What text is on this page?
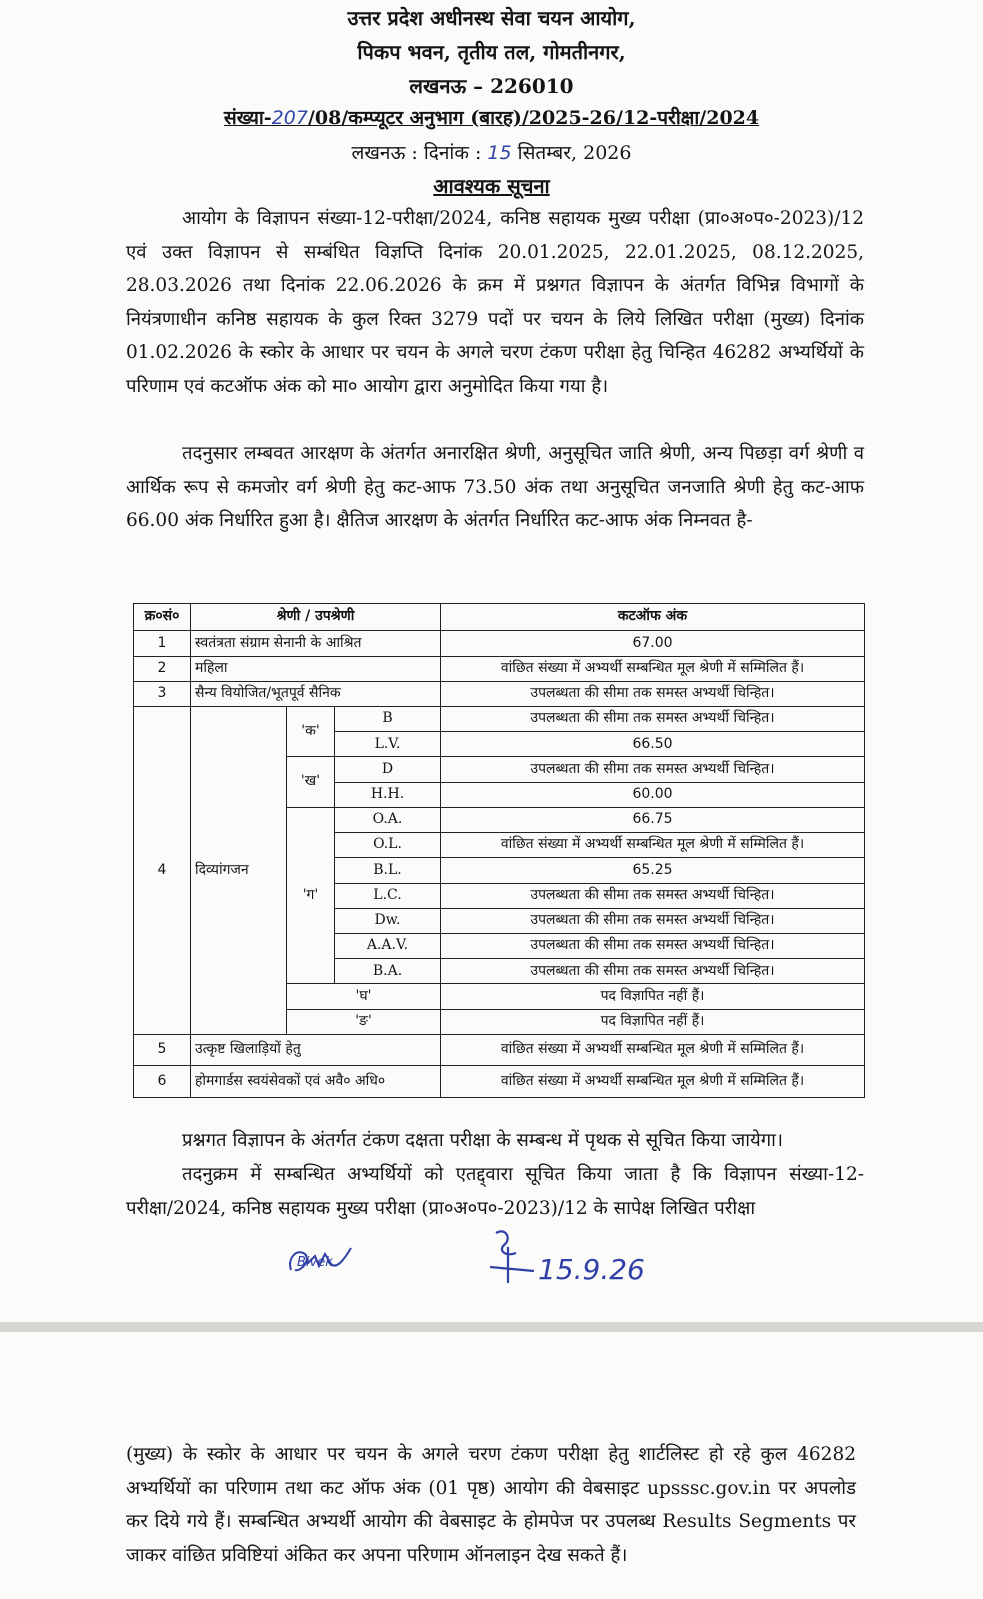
उत्तर प्रदेश अधीनस्थ सेवा चयन आयोग,
पिकप भवन, तृतीय तल, गोमतीनगर,
लखनऊ – 226010
संख्या-207/08/कम्प्यूटर अनुभाग (बारह)/2025-26/12-परीक्षा/2024
लखनऊ : दिनांक : 15 सितम्बर, 2026
आवश्यक सूचना

आयोग के विज्ञापन संख्या-12-परीक्षा/2024, कनिष्ठ सहायक मुख्य परीक्षा (प्रा०अ०प०-2023)/12 एवं उक्त विज्ञापन से सम्बंधित विज्ञप्ति दिनांक 20.01.2025, 22.01.2025, 08.12.2025, 28.03.2026 तथा दिनांक 22.06.2026 के क्रम में प्रश्नगत विज्ञापन के अंतर्गत विभिन्न विभागों के नियंत्रणाधीन कनिष्ठ सहायक के कुल रिक्त 3279 पदों पर चयन के लिये लिखित परीक्षा (मुख्य) दिनांक 01.02.2026 के स्कोर के आधार पर चयन के अगले चरण टंकण परीक्षा हेतु चिन्हित 46282 अभ्यर्थियों के परिणाम एवं कटऑफ अंक को मा० आयोग द्वारा अनुमोदित किया गया है।

तदनुसार लम्बवत आरक्षण के अंतर्गत अनारक्षित श्रेणी, अनुसूचित जाति श्रेणी, अन्य पिछड़ा वर्ग श्रेणी व आर्थिक रूप से कमजोर वर्ग श्रेणी हेतु कट-आफ 73.50 अंक तथा अनुसूचित जनजाति श्रेणी हेतु कट-आफ 66.00 अंक निर्धारित हुआ है। क्षैतिज आरक्षण के अंतर्गत निर्धारित कट-आफ अंक निम्नवत है-

क्र०सं०	श्रेणी / उपश्रेणी			कटऑफ अंक
1	स्वतंत्रता संग्राम सेनानी के आश्रित			67.00
2	महिला			वांछित संख्या में अभ्यर्थी सम्बन्धित मूल श्रेणी में सम्मिलित हैं।
3	सैन्य वियोजित/भूतपूर्व सैनिक			उपलब्धता की सीमा तक समस्त अभ्यर्थी चिन्हित।
4	दिव्यांगजन	'क'	B	उपलब्धता की सीमा तक समस्त अभ्यर्थी चिन्हित।
			L.V.	66.50
		'ख'	D	उपलब्धता की सीमा तक समस्त अभ्यर्थी चिन्हित।
			H.H.	60.00
		'ग'	O.A.	66.75
			O.L.	वांछित संख्या में अभ्यर्थी सम्बन्धित मूल श्रेणी में सम्मिलित हैं।
			B.L.	65.25
			L.C.	उपलब्धता की सीमा तक समस्त अभ्यर्थी चिन्हित।
			Dw.	उपलब्धता की सीमा तक समस्त अभ्यर्थी चिन्हित।
			A.A.V.	उपलब्धता की सीमा तक समस्त अभ्यर्थी चिन्हित।
			B.A.	उपलब्धता की सीमा तक समस्त अभ्यर्थी चिन्हित।
		'घ'		पद विज्ञापित नहीं हैं।
		'ङ'		पद विज्ञापित नहीं हैं।
5	उत्कृष्ट खिलाड़ियों हेतु			वांछित संख्या में अभ्यर्थी सम्बन्धित मूल श्रेणी में सम्मिलित हैं।
6	होमगार्डस स्वयंसेवकों एवं अवै० अधि०			वांछित संख्या में अभ्यर्थी सम्बन्धित मूल श्रेणी में सम्मिलित हैं।

प्रश्नगत विज्ञापन के अंतर्गत टंकण दक्षता परीक्षा के सम्बन्ध में पृथक से सूचित किया जायेगा।

तदनुक्रम में सम्बन्धित अभ्यर्थियों को एतद्द्वारा सूचित किया जाता है कि विज्ञापन संख्या-12-परीक्षा/2024, कनिष्ठ सहायक मुख्य परीक्षा (प्रा०अ०प०-2023)/12 के सापेक्ष लिखित परीक्षा

Bivek	15.9.26

(मुख्य) के स्कोर के आधार पर चयन के अगले चरण टंकण परीक्षा हेतु शार्टलिस्ट हो रहे कुल 46282 अभ्यर्थियों का परिणाम तथा कट ऑफ अंक (01 पृष्ठ) आयोग की वेबसाइट upsssc.gov.in पर अपलोड कर दिये गये हैं। सम्बन्धित अभ्यर्थी आयोग की वेबसाइट के होमपेज पर उपलब्ध Results Segments पर जाकर वांछित प्रविष्टियां अंकित कर अपना परिणाम ऑनलाइन देख सकते हैं।
